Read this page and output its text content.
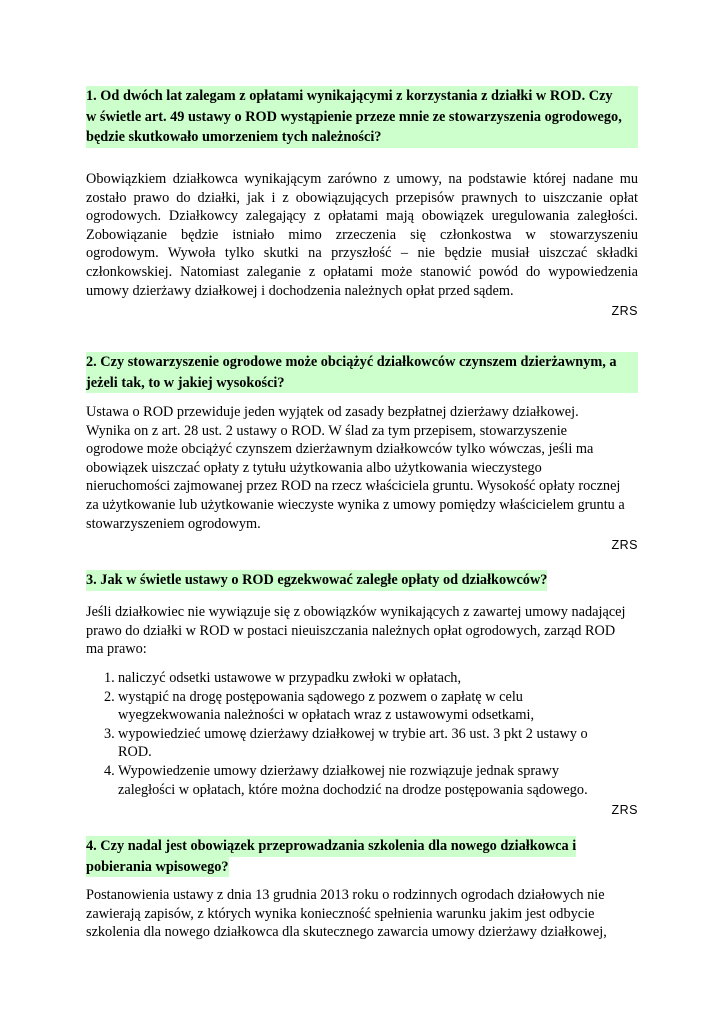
1. Od dwóch lat zalegam z opłatami wynikającymi z korzystania z działki w ROD. Czy
w świetle art. 49 ustawy o ROD wystąpienie przeze mnie ze stowarzyszenia ogrodowego,
będzie skutkowało umorzeniem tych należności?
Obowiązkiem działkowca wynikającym zarówno z umowy, na podstawie której nadane mu
zostało prawo do działki, jak i z obowiązujących przepisów prawnych to uiszczanie opłat
ogrodowych. Działkowcy zalegający z opłatami mają obowiązek uregulowania zaległości.
Zobowiązanie będzie istniało mimo zrzeczenia się członkostwa w stowarzyszeniu
ogrodowym. Wywoła tylko skutki na przyszłość – nie będzie musiał uiszczać składki
członkowskiej. Natomiast zaleganie z opłatami może stanowić powód do wypowiedzenia
umowy dzierżawy działkowej i dochodzenia należnych opłat przed sądem.
ZRS
2. Czy stowarzyszenie ogrodowe może obciążyć działkowców czynszem dzierżawnym, a
jeżeli tak, to w jakiej wysokości?
Ustawa o ROD przewiduje jeden wyjątek od zasady bezpłatnej dzierżawy działkowej.
Wynika on z art. 28 ust. 2 ustawy o ROD. W ślad za tym przepisem, stowarzyszenie
ogrodowe może obciążyć czynszem dzierżawnym działkowców tylko wówczas, jeśli ma
obowiązek uiszczać opłaty z tytułu użytkowania albo użytkowania wieczystego
nieruchomości zajmowanej przez ROD na rzecz właściciela gruntu. Wysokość opłaty rocznej
za użytkowanie lub użytkowanie wieczyste wynika z umowy pomiędzy właścicielem gruntu a
stowarzyszeniem ogrodowym.
ZRS
3. Jak w świetle ustawy o ROD egzekwować zaległe opłaty od działkowców?
Jeśli działkowiec nie wywiązuje się z obowiązków wynikających z zawartej umowy nadającej
prawo do działki w ROD w postaci nieuiszczania należnych opłat ogrodowych, zarząd ROD
ma prawo:
1. naliczyć odsetki ustawowe w przypadku zwłoki w opłatach,
2. wystąpić na drogę postępowania sądowego z pozwem o zapłatę w celu
wyegzekwowania należności w opłatach wraz z ustawowymi odsetkami,
3. wypowiedzieć umowę dzierżawy działkowej w trybie art. 36 ust. 3 pkt 2 ustawy o
ROD.
4. Wypowiedzenie umowy dzierżawy działkowej nie rozwiązuje jednak sprawy
zaległości w opłatach, które można dochodzić na drodze postępowania sądowego.
ZRS
4. Czy nadal jest obowiązek przeprowadzania szkolenia dla nowego działkowca i pobierania wpisowego?
Postanowienia ustawy z dnia 13 grudnia 2013 roku o rodzinnych ogrodach działowych nie
zawierają zapisów, z których wynika konieczność spełnienia warunku jakim jest odbycie
szkolenia dla nowego działkowca dla skutecznego zawarcia umowy dzierżawy działkowej,
